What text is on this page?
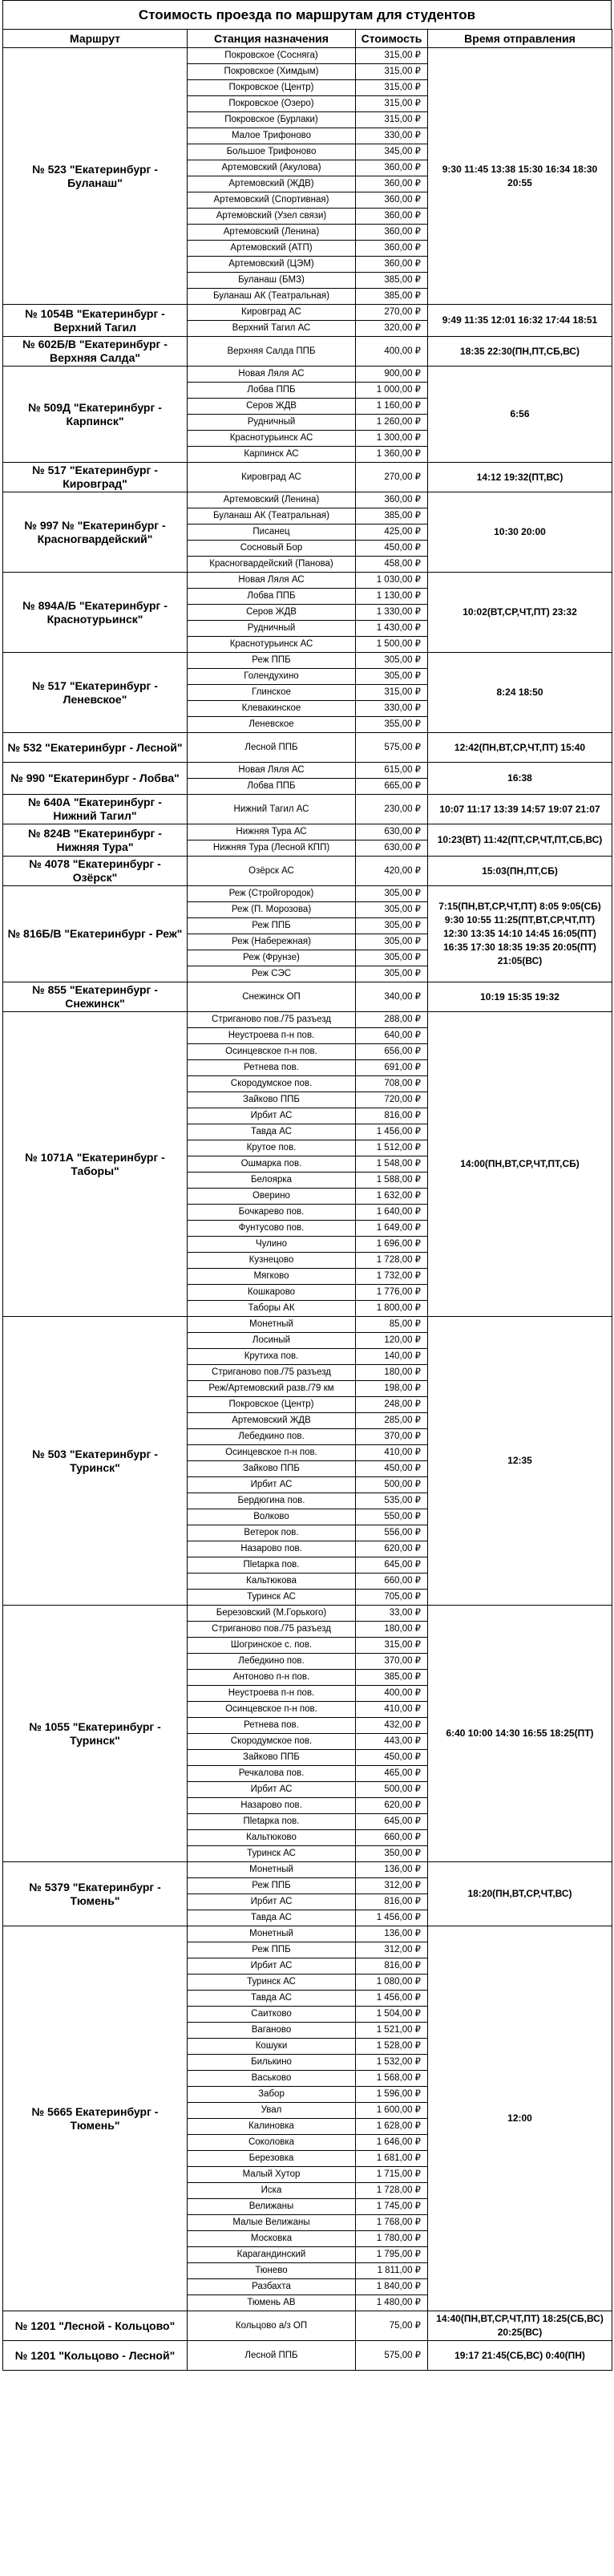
Стоимость проезда по маршрутам для студентов
Маршрут	Станция назначения	Стоимость	Время отправления
№ 523 "Екатеринбург - Буланаш"	Покровское (Сосняга)	315,00 ₽	9:30 11:45 13:38 15:30 16:34 18:30 20:55
	Покровское (Химдым)	315,00 ₽	
	Покровское (Центр)	315,00 ₽	
	Покровское (Озеро)	315,00 ₽	
	Покровское (Бурлаки)	315,00 ₽	
	Малое Трифоново	330,00 ₽	
	Большое Трифоново	345,00 ₽	
	Артемовский (Акулова)	360,00 ₽	
	Артемовский (ЖДВ)	360,00 ₽	
	Артемовский (Спортивная)	360,00 ₽	
	Артемовский (Узел связи)	360,00 ₽	
	Артемовский (Ленина)	360,00 ₽	
	Артемовский (АТП)	360,00 ₽	
	Артемовский (ЦЭМ)	360,00 ₽	
	Буланаш (БМЗ)	385,00 ₽	
	Буланаш АК (Театральная)	385,00 ₽	
№ 1054В "Екатеринбург - Верхний Тагил	Кировград АС	270,00 ₽	9:49 11:35 12:01 16:32 17:44 18:51
	Верхний Тагил АС	320,00 ₽	
№ 602Б/В "Екатеринбург - Верхняя Салда"	Верхняя Салда ППБ	400,00 ₽	18:35 22:30(ПН,ПТ,СБ,ВС)
№ 509Д "Екатеринбург - Карпинск"	Новая Ляля АС	900,00 ₽	6:56
	Лобва ППБ	1 000,00 ₽	
	Серов ЖДВ	1 160,00 ₽	
	Рудничный	1 260,00 ₽	
	Краснотурьинск АС	1 300,00 ₽	
	Карпинск АС	1 360,00 ₽	
№ 517 "Екатеринбург - Кировград"	Кировград АС	270,00 ₽	14:12 19:32(ПТ,ВС)
№ 997 № "Екатеринбург - Красногвардейский"	Артемовский (Ленина)	360,00 ₽	10:30 20:00
	Буланаш АК (Театральная)	385,00 ₽	
	Писанец	425,00 ₽	
	Сосновый Бор	450,00 ₽	
	Красногвардейский (Панова)	458,00 ₽	
№ 894А/Б "Екатеринбург - Краснотурьинск"	Новая Ляля АС	1 030,00 ₽	10:02(ВТ,СР,ЧТ,ПТ) 23:32
	Лобва ППБ	1 130,00 ₽	
	Серов ЖДВ	1 330,00 ₽	
	Рудничный	1 430,00 ₽	
	Краснотурьинск АС	1 500,00 ₽	
№ 517 "Екатеринбург - Леневское"	Реж ППБ	305,00 ₽	8:24 18:50
	Голендухино	305,00 ₽	
	Глинское	315,00 ₽	
	Клевакинское	330,00 ₽	
	Леневское	355,00 ₽	
№ 532 "Екатеринбург - Лесной"	Лесной ППБ	575,00 ₽	12:42(ПН,ВТ,СР,ЧТ,ПТ) 15:40
№ 990 "Екатеринбург - Лобва"	Новая Ляля АС	615,00 ₽	16:38
	Лобва ППБ	665,00 ₽	
№ 640А "Екатеринбург - Нижний Тагил"	Нижний Тагил АС	230,00 ₽	10:07 11:17 13:39 14:57 19:07 21:07
№ 824В "Екатеринбург - Нижняя Тура"	Нижняя Тура АС	630,00 ₽	10:23(ВТ) 11:42(ПТ,СР,ЧТ,ПТ,СБ,ВС)
	Нижняя Тура (Лесной КПП)	630,00 ₽	
№ 4078 "Екатеринбург - Озёрск"	Озёрск АС	420,00 ₽	15:03(ПН,ПТ,СБ)
№ 816Б/В "Екатеринбург - Реж"	Реж (Стройгородок)	305,00 ₽	7:15(ПН,ВТ,СР,ЧТ,ПТ) 8:05 9:05(СБ) 9:30 10:55 11:25(ПТ,ВТ,СР,ЧТ,ПТ) 12:30 13:35 14:10 14:45 16:05(ПТ) 16:35 17:30 18:35 19:35 20:05(ПТ) 21:05(ВС)
	Реж (П. Морозова)	305,00 ₽	
	Реж ППБ	305,00 ₽	
	Реж (Набережная)	305,00 ₽	
	Реж (Фрунзе)	305,00 ₽	
	Реж СЭС	305,00 ₽	
№ 855 "Екатеринбург - Снежинск"	Снежинск ОП	340,00 ₽	10:19 15:35 19:32
№ 1071А "Екатеринбург - Таборы"	Стриганово пов./75 разъезд	288,00 ₽	14:00(ПН,ВТ,СР,ЧТ,ПТ,СБ)
	Неустроева п-н пов.	640,00 ₽	
	Осинцевское п-н пов.	656,00 ₽	
	Ретнева пов.	691,00 ₽	
	Скородумское пов.	708,00 ₽	
	Зайково ППБ	720,00 ₽	
	Ирбит АС	816,00 ₽	
	Тавда АС	1 456,00 ₽	
	Крутое пов.	1 512,00 ₽	
	Ошмарка пов.	1 548,00 ₽	
	Белоярка	1 588,00 ₽	
	Оверино	1 632,00 ₽	
	Бочкарево пов.	1 640,00 ₽	
	Фунтусово пов.	1 649,00 ₽	
	Чулино	1 696,00 ₽	
	Кузнецово	1 728,00 ₽	
	Мягково	1 732,00 ₽	
	Кошкарово	1 776,00 ₽	
	Таборы АК	1 800,00 ₽	
№ 503 "Екатеринбург - Туринск"	Монетный	85,00 ₽	12:35
	Лосиный	120,00 ₽	
	Крутиха пов.	140,00 ₽	
	Стриганово пов./75 разъезд	180,00 ₽	
	Реж/Артемовский разв./79 км	198,00 ₽	
	Покровское (Центр)	248,00 ₽	
	Артемовский ЖДВ	285,00 ₽	
	Лебедкино пов.	370,00 ₽	
	Осинцевское п-н пов.	410,00 ₽	
	Зайково ППБ	450,00 ₽	
	Ирбит АС	500,00 ₽	
	Бердюгина пов.	535,00 ₽	
	Волково	550,00 ₽	
	Ветерок пов.	556,00 ₽	
	Назарово пов.	620,00 ₽	
	Пletарка пов.	645,00 ₽	
	Кальтюкова	660,00 ₽	
	Туринск АС	705,00 ₽	
№ 1055 "Екатеринбург - Туринск"	Березовский (М.Горького)	33,00 ₽	6:40 10:00 14:30 16:55 18:25(ПТ)
	Стриганово пов./75 разъезд	180,00 ₽	
	Шогринское с. пов.	315,00 ₽	
	Лебедкино пов.	370,00 ₽	
	Антоново п-н пов.	385,00 ₽	
	Неустроева п-н пов.	400,00 ₽	
	Осинцевское п-н пов.	410,00 ₽	
	Ретнева пов.	432,00 ₽	
	Скородумское пов.	443,00 ₽	
	Зайково ППБ	450,00 ₽	
	Речкалова пов.	465,00 ₽	
	Ирбит АС	500,00 ₽	
	Назарово пов.	620,00 ₽	
	Пletарка пов.	645,00 ₽	
	Кальтюково	660,00 ₽	
	Туринск АС	350,00 ₽	
№ 5379 "Екатеринбург - Тюмень"	Монетный	136,00 ₽	18:20(ПН,ВТ,СР,ЧТ,ВС)
	Реж ППБ	312,00 ₽	
	Ирбит АС	816,00 ₽	
	Тавда АС	1 456,00 ₽	
№ 5665 Екатеринбург - Тюмень"	Монетный	136,00 ₽	12:00
	Реж ППБ	312,00 ₽	
	Ирбит АС	816,00 ₽	
	Туринск АС	1 080,00 ₽	
	Тавда АС	1 456,00 ₽	
	Саитково	1 504,00 ₽	
	Ваганово	1 521,00 ₽	
	Кошуки	1 528,00 ₽	
	Билькино	1 532,00 ₽	
	Васьково	1 568,00 ₽	
	Забор	1 596,00 ₽	
	Увал	1 600,00 ₽	
	Калиновка	1 628,00 ₽	
	Соколовка	1 646,00 ₽	
	Березовка	1 681,00 ₽	
	Малый Хутор	1 715,00 ₽	
	Иска	1 728,00 ₽	
	Велижаны	1 745,00 ₽	
	Малые Велижаны	1 768,00 ₽	
	Московка	1 780,00 ₽	
	Карагандинский	1 795,00 ₽	
	Тюнево	1 811,00 ₽	
	Разбаxта	1 840,00 ₽	
	Тюмень АВ	1 480,00 ₽	
№ 1201 "Лесной - Кольцово"	Кольцово а/з ОП	75,00 ₽	14:40(ПН,ВТ,СР,ЧТ,ПТ) 18:25(СБ,ВС) 20:25(ВС)
№ 1201 "Кольцово - Лесной"	Лесной ППБ	575,00 ₽	19:17 21:45(СБ,ВС) 0:40(ПН)
